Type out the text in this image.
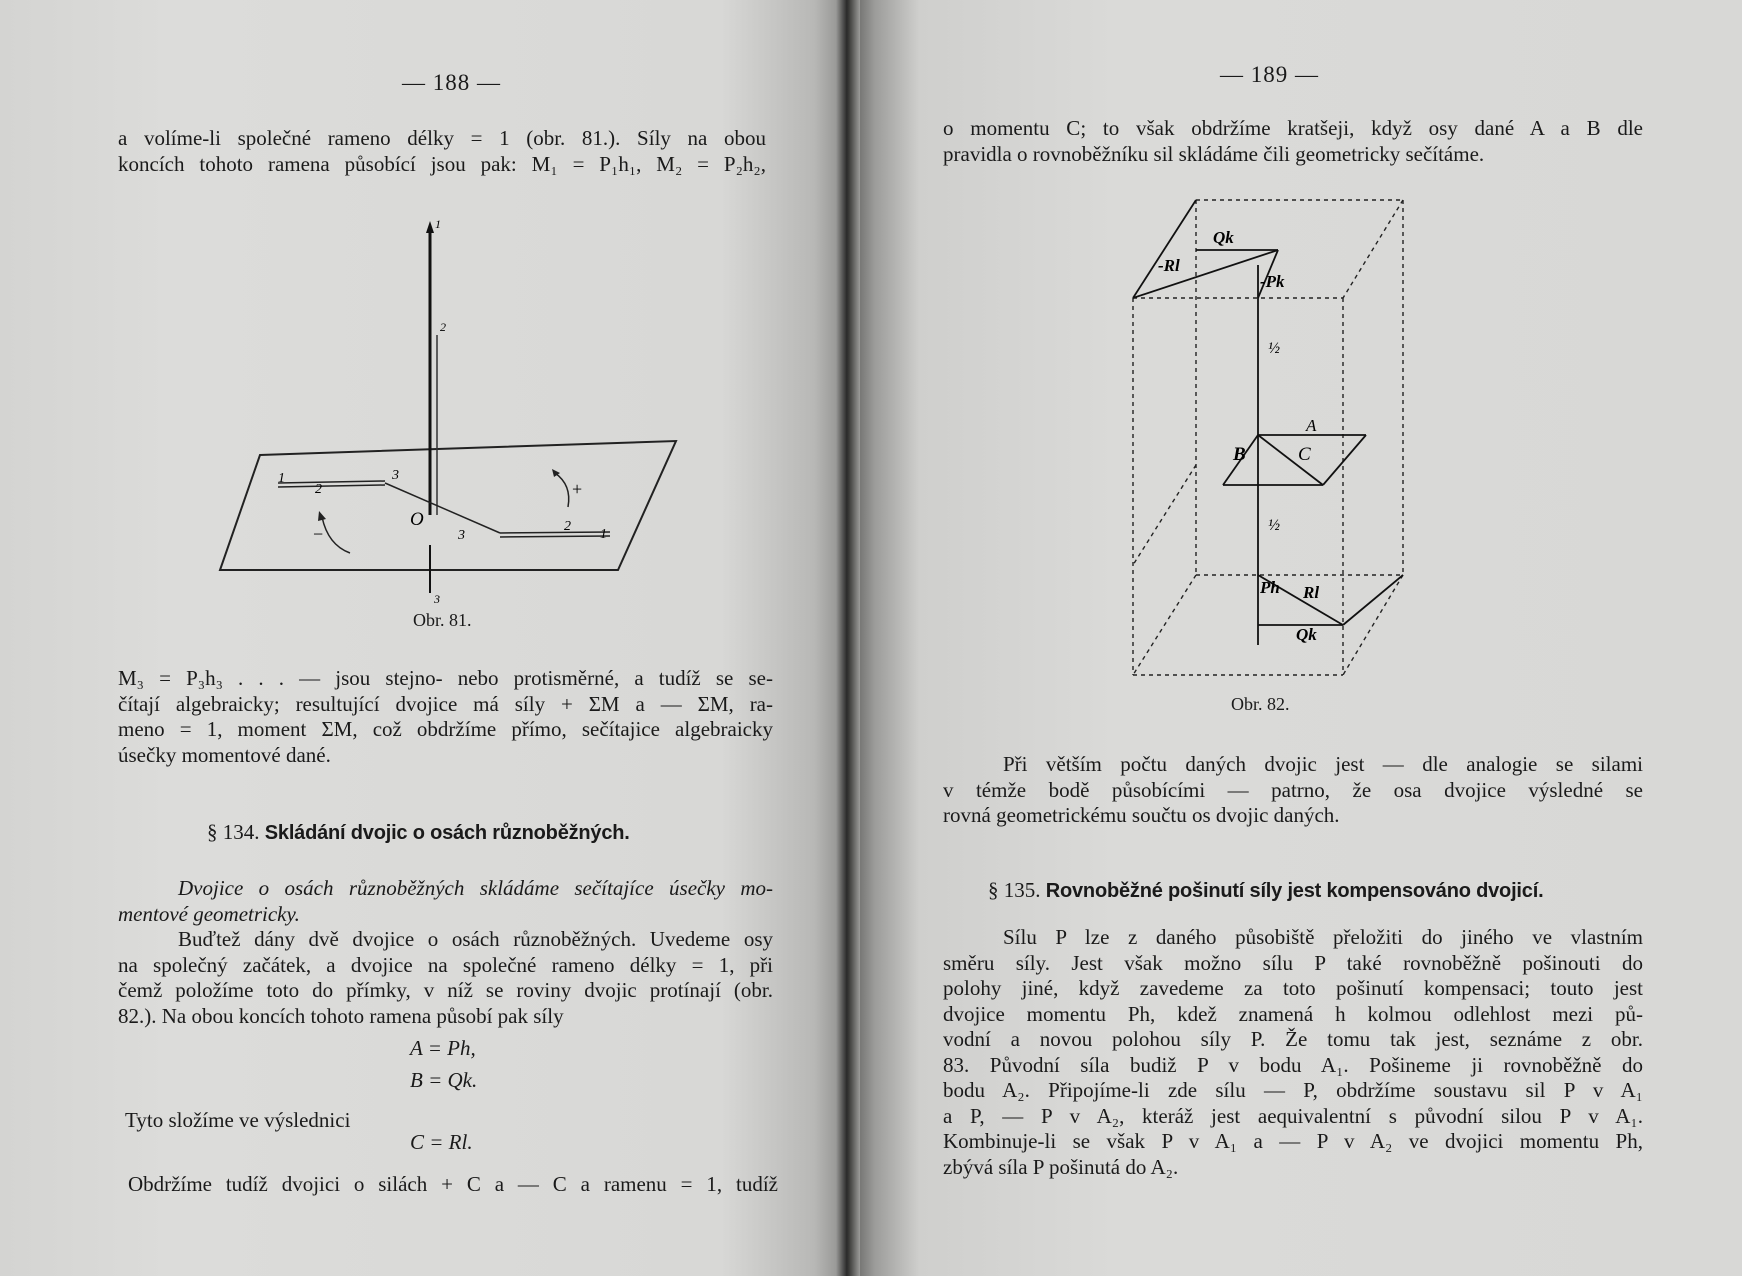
— 188 —
a volíme-li společné rameno délky = 1 (obr. 81.). Síly na obou
koncích tohoto ramena působící jsou pak: M₁ = P₁h₁, M₂ = P₂h₂,
1
2
3
O
1
2
3
+
−
1
2
3
Obr. 81.
M₃ = P₃h₃ . . . — jsou stejno- nebo protisměrné, a tudíž se se-
čítají algebraicky; resultující dvojice má síly + ΣM a — ΣM, ra-
meno = 1, moment ΣM, což obdržíme přímo, sečítajice algebraicky
úsečky momentové dané.
§ 134. Skládání dvojic o osách různoběžných.
Dvojice o osách různoběžných skládáme sečítajíce úsečky mo-
mentové geometricky.
Buďtež dány dvě dvojice o osách různoběžných. Uvedeme osy
na společný začátek, a dvojice na společné rameno délky = 1, při
čemž položíme toto do přímky, v níž se roviny dvojic protínají (obr.
82.). Na obou koncích tohoto ramena působí pak síly
A = Ph,
B = Qk.
Tyto složíme ve výslednici
C = Rl.
Obdržíme tudíž dvojici o silách + C a — C a ramenu = 1, tudíž
— 189 —
o momentu C; to však obdržíme kratšeji, když osy dané A a B dle
pravidla o rovnoběžníku sil skládáme čili geometricky sečítáme.
Qk
-Rl
-Pk
½
A
B	C
½
Ph Rl
Qk
Obr. 82.
Při větším počtu daných dvojic jest — dle analogie se silami
v témže bodě působícími — patrno, že osa dvojice výsledné se
rovná geometrickému součtu os dvojic daných.
§ 135. Rovnoběžné pošinutí síly jest kompensováno dvojicí.
Sílu P lze z daného působiště přeložiti do jiného ve vlastním
směru síly. Jest však možno sílu P také rovnoběžně pošinouti do
polohy jiné, když zavedeme za toto pošinutí kompensaci; touto jest
dvojice momentu Ph, kdež znamená h kolmou odlehlost mezi pů-
vodní a novou polohou síly P. Že tomu tak jest, seznáme z obr.
83. Původní síla budiž P v bodu A₁. Pošineme ji rovnoběžně do
bodu A₂. Připojíme-li zde sílu — P, obdržíme soustavu sil P v A₁
a P, — P v A₂, kteráž jest aequivalentní s původní silou P v A₁.
Kombinuje-li se však P v A₁ a — P v A₂ ve dvojici momentu Ph,
zbývá síla P pošinutá do A₂.
